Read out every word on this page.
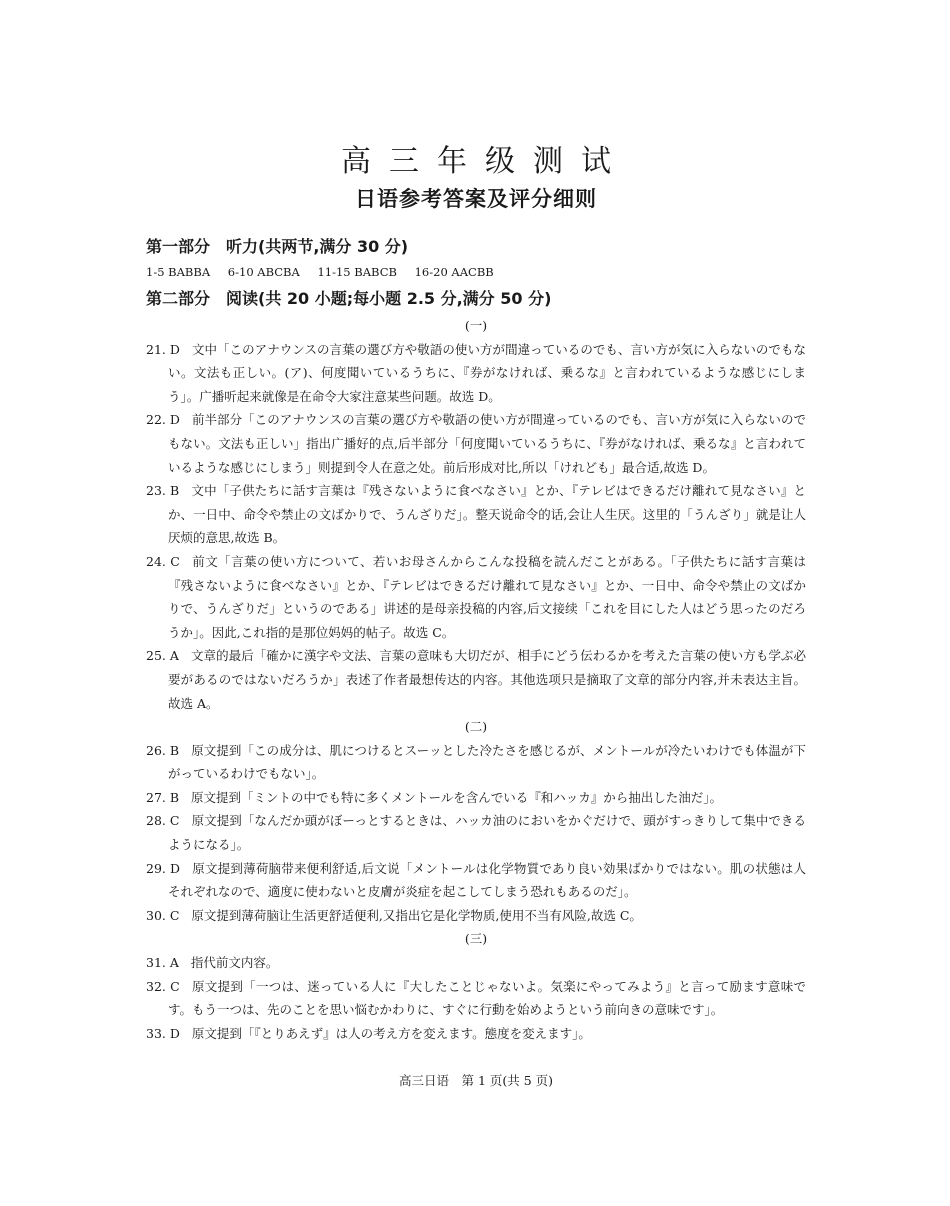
高三年级测试
日语参考答案及评分细则
第一部分　听力(共两节,满分 30 分)
1-5 BABBA 6-10 ABCBA 11-15 BABCB 16-20 AACBB
第二部分　阅读(共 20 小题;每小题 2.5 分,满分 50 分)
(一)
21. D 文中「このアナウンスの言葉の選び方や敬語の使い方が間違っているのでも、言い方が気に入らないのでもない。文法も正しい。(ア)、何度聞いているうちに、『券がなければ、乗るな』と言われているような感じにしまう」。广播听起来就像是在命令大家注意某些问题。故选 D。
22. D 前半部分「このアナウンスの言葉の選び方や敬語の使い方が間違っているのでも、言い方が気に入らないのでもない。文法も正しい」指出广播好的点,后半部分「何度聞いているうちに、『券がなければ、乗るな』と言われているような感じにしまう」则提到令人在意之处。前后形成对比,所以「けれども」最合适,故选 D。
23. B 文中「子供たちに話す言葉は『残さないように食べなさい』とか、『テレビはできるだけ離れて見なさい』とか、一日中、命令や禁止の文ばかりで、うんざりだ」。整天说命令的话,会让人生厌。这里的「うんざり」就是让人厌烦的意思,故选 B。
24. C 前文「言葉の使い方について、若いお母さんからこんな投稿を読んだことがある。「子供たちに話す言葉は『残さないように食べなさい』とか、『テレビはできるだけ離れて見なさい』とか、一日中、命令や禁止の文ばかりで、うんざりだ」というのである」讲述的是母亲投稿的内容,后文接续「これを目にした人はどう思ったのだろうか」。因此,これ指的是那位妈妈的帖子。故选 C。
25. A 文章的最后「確かに漢字や文法、言葉の意味も大切だが、相手にどう伝わるかを考えた言葉の使い方も学ぶ必要があるのではないだろうか」表述了作者最想传达的内容。其他选项只是摘取了文章的部分内容,并未表达主旨。故选 A。
(二)
26. B 原文提到「この成分は、肌につけるとスーッとした冷たさを感じるが、メントールが冷たいわけでも体温が下がっているわけでもない」。
27. B 原文提到「ミントの中でも特に多くメントールを含んでいる『和ハッカ』から抽出した油だ」。
28. C 原文提到「なんだか頭がぼーっとするときは、ハッカ油のにおいをかぐだけで、頭がすっきりして集中できるようになる」。
29. D 原文提到薄荷脑带来便利舒适,后文说「メントールは化学物質であり良い効果ばかりではない。肌の状態は人それぞれなので、適度に使わないと皮膚が炎症を起こしてしまう恐れもあるのだ」。
30. C 原文提到薄荷脑让生活更舒适便利,又指出它是化学物质,使用不当有风险,故选 C。
(三)
31. A 指代前文内容。
32. C 原文提到「一つは、迷っている人に『大したことじゃないよ。気楽にやってみよう』と言って励ます意味です。もう一つは、先のことを思い悩むかわりに、すぐに行動を始めようという前向きの意味です」。
33. D 原文提到「『とりあえず』は人の考え方を変えます。態度を変えます」。
高三日语　第 1 页(共 5 页)
